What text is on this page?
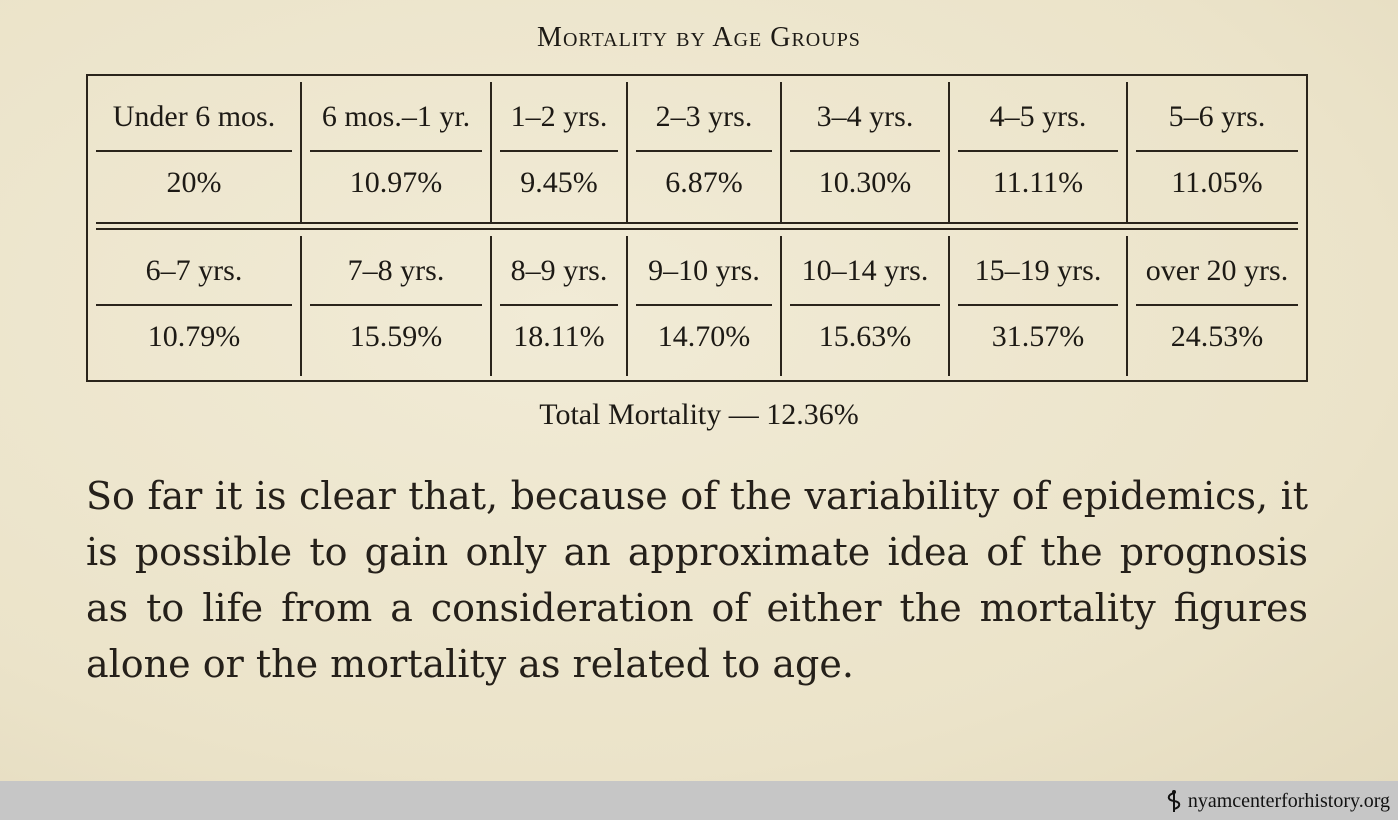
Mortality by Age Groups
Under 6 mos.
20%
6 mos.–1 yr.
10.97%
1–2 yrs.
9.45%
2–3 yrs.
6.87%
3–4 yrs.
10.30%
4–5 yrs.
11.11%
5–6 yrs.
11.05%
6–7 yrs.
10.79%
7–8 yrs.
15.59%
8–9 yrs.
18.11%
9–10 yrs.
14.70%
10–14 yrs.
15.63%
15–19 yrs.
31.57%
over 20 yrs.
24.53%
Total Mortality — 12.36%
So far it is clear that, because of the variability of epidemics, it is possible to gain only an approximate idea of the prognosis as to life from a consideration of either the mortality figures alone or the mortality as related to age.
nyamcenterforhistory.org
